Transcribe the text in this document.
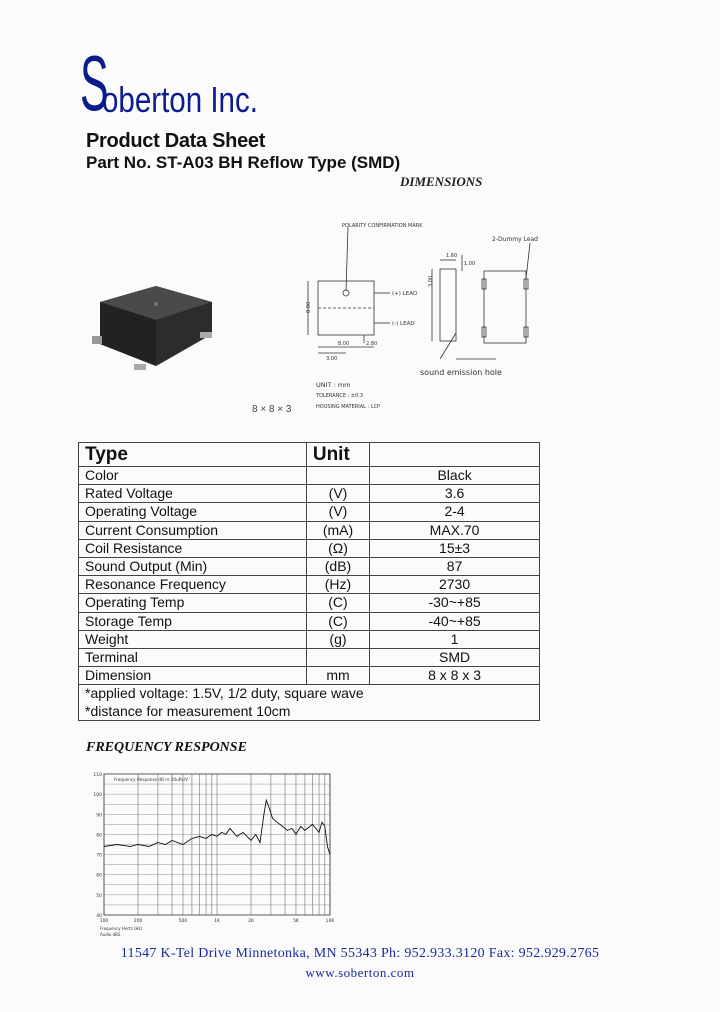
S
oberton Inc.
Product Data Sheet
Part No. ST-A03 BH Reflow Type (SMD)
DIMENSIONS
8 × 8 × 3
POLARITY CONFIRMATION MARK
2-Dummy Lead
(+) LEAD
(-) LEAD
sound emission hole
8.00
8.00
3.00
2.80
3.00
1.60
1.00
UNIT : mm
TOLERANCE : ±0.3
HOUSING MATERIAL : LCP
Type	Unit	
Color		Black
Rated Voltage	(V)	3.6
Operating Voltage	(V)	2-4
Current Consumption	(mA)	MAX.70
Coil Resistance	(Ω)	15±3
Sound Output (Min)	(dB)	87
Resonance Frequency	(Hz)	2730
Operating Temp	(C)	-30~+85
Storage Temp	(C)	-40~+85
Weight	(g)	1
Terminal		SMD
Dimension	mm	8 x 8 x 3
*applied voltage: 1.5V, 1/2 duty, square wave		
*distance for measurement 10cm		
FREQUENCY RESPONSE
110
100
90
80
70
60
50
40
100	200	500	1K	2K	5K	10K
Frequency Response dB re 20uPa/V
Frequency Hertz (Hz)
Audio dBS
11547 K-Tel Drive Minnetonka, MN 55343 Ph: 952.933.3120 Fax: 952.929.2765
www.soberton.com
